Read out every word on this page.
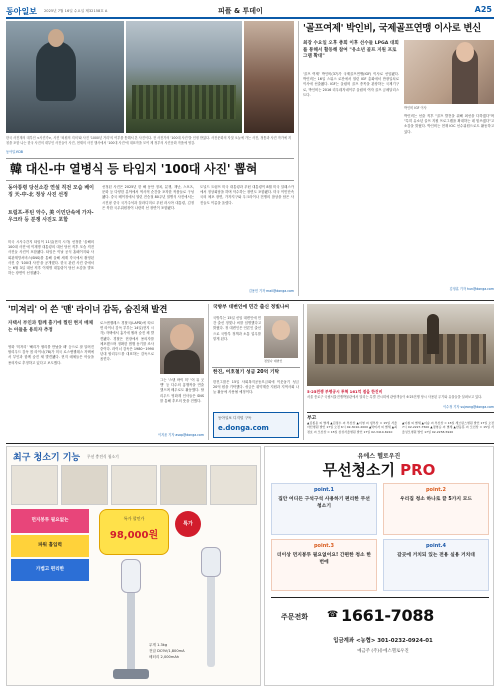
동아일보 2025년 7월 16일 수요일 제32158호 A	피플 & 투데이	A25
한국 사진계의 대부인 <사진가>, 사진 '퇴원의 지의'와 사진 '1000년 거리'의 여부를 통해서 본 사진이다. 전 사진가의 '100대 사진'을 인정 받았다. 사진문화의 자칫 오늘에 가는 사진, 정통과 사진 작가에 지칭을 포함 나는 한국 사진의 대부인 사진들이 사진, 현재의 사진 행사에서 '100대 사진'에 대표작을 모여 제 정부의 사진문화 작품에 영감.
동아일보DB
韓 대신-中 열병식 등 타임지 '100대 사진' 뽑혀
동아통령 당선소감 연설 직전 모습 베이징 天-中-北 정상 사진 선정
트럼프-푸틴 악수, 美 이민단속에 가자-우크라 등 분쟁 사진도 포함
미국 시사주간지 타임이 11일(현지 시각) 선정한 '올해의 100대 사진'에 이재명 대통령의 대선 당선 직후 모습 직전 사진들 사진이 포함됐다. 타임은 이날 공식 홈페이지와 사회관계망서비스(SNS)를 통해 올해 세계 각국에서 촬영된 사진 중 '100대 사진'을 공개했다. 한국 관련 사진 중에서는 6월 3일 대선 직후 이재명 대통령이 당선 소감을 발표하는 장면이 선정됐다.
선정된 사진은 2025년 한 해 동안 정치, 분쟁, 재난, 스포츠, 문화 등 다양한 분야에서 역사적 순간을 포착한 작품들로 구성됐다. 중국 베이징에서 열린 전승절 80주년 열병식 사진에서는 시진핑 중국 국가주석과 블라디미르 푸틴 러시아 대통령, 김정은 북한 국무위원장이 나란히 선 장면이 포함됐다.
도널드 트럼프 미국 대통령과 푸틴 대통령이 8월 미국 알래스카에서 정상회담을 하며 악수하는 장면도 포함됐다. 미국 이민단속국의 체포 장면, 가자지구와 우크라이나 전쟁의 참상을 담은 사진들도 이름을 올렸다.
김용민 기자 mail@donga.com
'골프여제' 박인비, 국제골프연맹 이사로 변신
최장 수요일 오후 총회 이후 선수들 LPGA 대회를 통해서 활동해 참여 "유소년 골프 지원 프로그램 확대"
'골프 여제' 박인비(37)가 국제골프연맹(IGF) 이사로 선임됐다. 박인비는 16일 스위스 로잔에서 열린 IGF 총회에서 만장일치로 이사에 선출됐다. IGF는 올림픽 골프 종목을 관장하는 국제기구로, 박인비는 2016 리우데자네이루 올림픽 여자 골프 금메달리스트다.
박인비 IGF 이사
박인비는 선출 직후 "골프 발전을 위해 최선을 다하겠다"며 "특히 유소년 골프 지원 프로그램을 확대하는 데 힘쓰겠다"고 소감을 밝혔다. 박인비는 현재 IOC 선수위원으로도 활동하고 있다.
김정훈 기자 hun@donga.com
'미져리' 어 쓴 '맨' 라이너 감독, 숨진채 발견
자택서 부인과 함께 흉기에 찔린 현지 매체는 아들을 용의자 추정
영화 '미저리' '해리가 샐리를 만났을 때' 등으로 잘 알려진 할리우드 감독 롭 라이너(78)가 미국 로스앤젤레스 자택에서 부인과 함께 숨진 채 발견됐다. 현지 매체들은 아들을 용의자로 추정하고 있다고 보도했다.
로스앤젤레스 경찰국(LAPD)에 따르면 라이너 감독 부부는 14일(현지 시각) 자택에서 흉기에 찔려 숨진 채 발견됐다. 경찰은 현장에서 용의자를 체포했으며 정확한 범행 동기를 조사 중이다. 라이너 감독은 1980~1990년대 할리우드를 대표하는 감독으로 꼽힌다.
그는 '스탠 바이 미' '어 퓨 굿 맨' 등 다수의 흥행작을 연출했으며 배우로도 활동했다. 할리우드 영화계 인사들은 SNS를 통해 추모의 뜻을 전했다.
이지윤 기자 asap@donga.com
국방부 대변인에 민간 출신 정빛나씨
국방부는 15일 신임 대변인에 민간 출신 정빛나 씨를 임명했다고 밝혔다. 정 대변인은 언론인 출신으로 국방부 정책과 소통 업무를 맡게 된다.
정빛나 대변인
한진, 어호철기 성금 20억 기탁
한진그룹은 15일 사회복지공동모금회에 이웃돕기 성금 20억 원을 기탁했다. 성금은 취약계층 지원과 지역사회 나눔 활동에 사용될 예정이다.
동아일보 디지털 구독
e.donga.com
5·25전쟁 부평공시 투혁 161억 점을 한진비
서울 종로구 국립서울전쟁박물관에서 열리는 특별 전시회에 관람객들이 6·25전쟁 당시 사용된 무기와 유물들을 살펴보고 있다.
이수정 기자 sujeong@donga.com
부고
▲김종용 씨 별세 ▲김정수 씨 부친상 ▲이영 씨 빙부상 = 15일 서울아산병원 발인 17일 오전 6시 02-3010-2000 ▲박미자 씨 별세 ▲최정호 씨 모친상 = 15일 삼성서울병원 발인 17일 02-3410-6910
▲이철 씨 별세 ▲이승 씨 부친상 = 15일 세브란스병원 발인 17일 오전 7시 02-2227-7500 ▲정영순 씨 별세 ▲한동훈 씨 모친상 = 15일 서울성모병원 발인 17일 02-2258-5940
최구 청소기 기능 무선 충전식 청소기
먼지봉투 필요없는
파워 흡입력
가볍고 편리한
특가 할인가
98,000원
특가
무게 1.3kg
전압 DC9V/1,800mA
배터리 2,000mAh
유에스 헬로우진
무선청소기 PRO
point.1
집안 어디든 구석구석 사용하기 편리한 무선청소기
point.2
우리집 청소 하나로 끝 5가지 모드
point.3
더이상 먼지봉투 필요없어요! 간편한 청소 한번에
point.4
갈곳에 거치되 있는 전용 실용 거치대
주문전화 1661-7088
☎
입금계좌 <농협> 301-0232-0924-01
예금주 (주)유에스헬로우진
